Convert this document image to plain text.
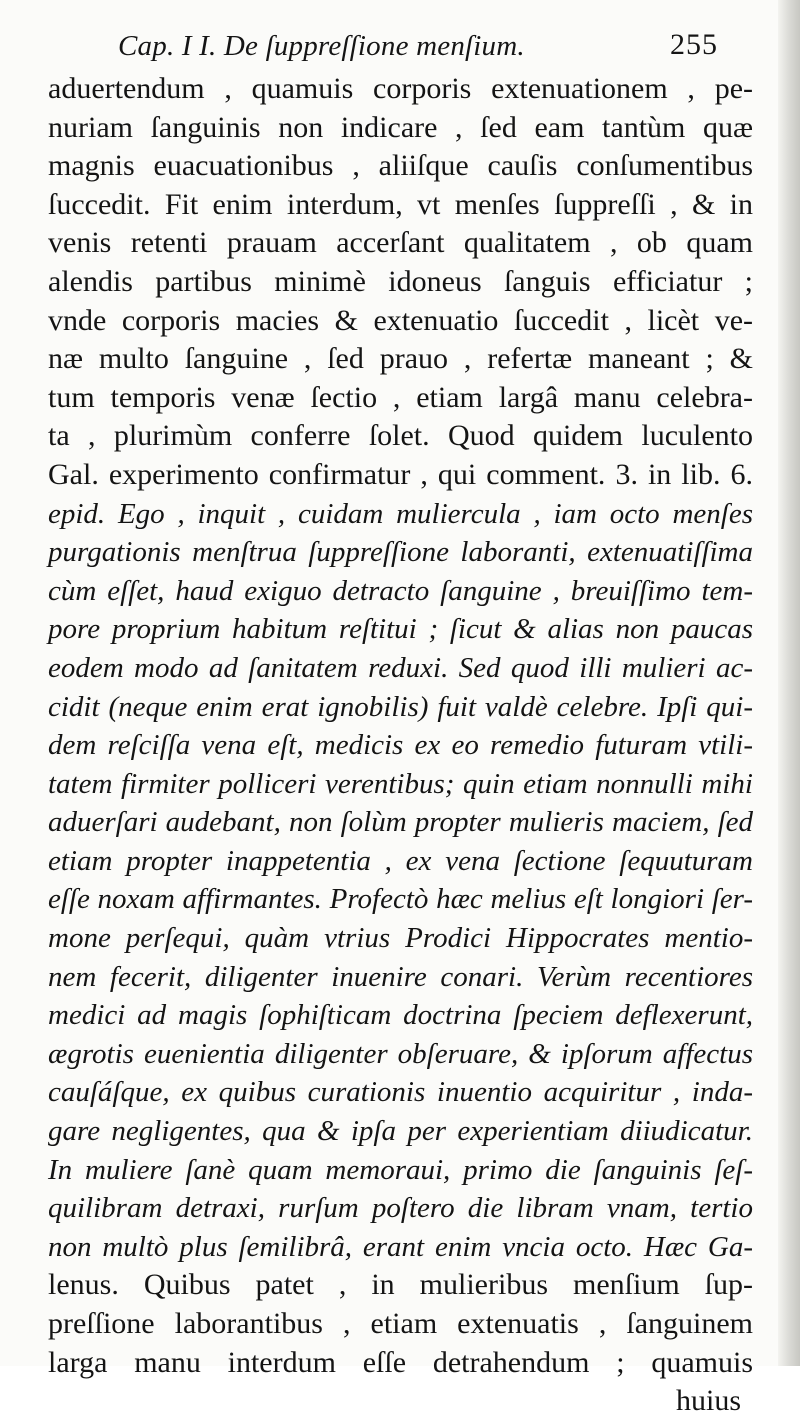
Cap. I I. De ſuppreſſione menſium.	255
aduertendum , quamuis corporis extenuationem , pe-
nuriam ſanguinis non indicare , ſed eam tantùm quæ
magnis euacuationibus , aliiſque cauſis conſumentibus
ſuccedit. Fit enim interdum, vt menſes ſuppreſſi , & in
venis retenti prauam accerſant qualitatem , ob quam
alendis partibus minimè idoneus ſanguis efficiatur ;
vnde corporis macies & extenuatio ſuccedit , licèt ve-
næ multo ſanguine , ſed prauo , refertæ maneant ; &
tum temporis venæ ſectio , etiam largâ manu celebra-
ta , plurimùm conferre ſolet. Quod quidem luculento
Gal. experimento confirmatur , qui comment. 3. in lib. 6.
epid. Ego , inquit , cuidam muliercula , iam octo menſes
purgationis menſtrua ſuppreſſione laboranti, extenuatiſſima
cùm eſſet, haud exiguo detracto ſanguine , breuiſſimo tem-
pore proprium habitum reſtitui ; ſicut & alias non paucas
eodem modo ad ſanitatem reduxi. Sed quod illi mulieri ac-
cidit (neque enim erat ignobilis) fuit valdè celebre. Ipſi qui-
dem reſciſſa vena eſt, medicis ex eo remedio futuram vtili-
tatem firmiter polliceri verentibus; quin etiam nonnulli mihi
aduerſari audebant, non ſolùm propter mulieris maciem, ſed
etiam propter inappetentia , ex vena ſectione ſequuturam
eſſe noxam affirmantes. Profectò hæc melius eſt longiori ſer-
mone perſequi, quàm vtrius Prodici Hippocrates mentio-
nem fecerit, diligenter inuenire conari. Verùm recentiores
medici ad magis ſophiſticam doctrina ſpeciem deflexerunt,
ægrotis euenientia diligenter obſeruare, & ipſorum affectus
cauſáſque, ex quibus curationis inuentio acquiritur , inda-
gare negligentes, qua & ipſa per experientiam diiudicatur.
In muliere ſanè quam memoraui, primo die ſanguinis ſeſ-
quilibram detraxi, rurſum poſtero die libram vnam, tertio
non multò plus ſemilibrâ, erant enim vncia octo. Hæc Ga-
lenus. Quibus patet , in mulieribus menſium ſup-
preſſione laborantibus , etiam extenuatis , ſanguinem
larga manu interdum eſſe detrahendum ; quamuis
huius
